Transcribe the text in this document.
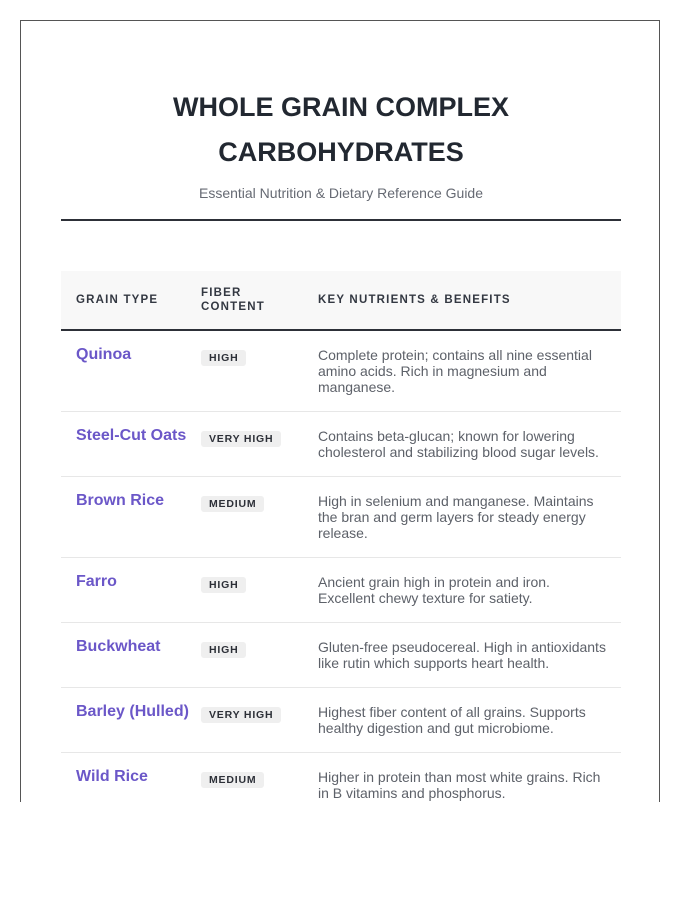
WHOLE GRAIN COMPLEX
CARBOHYDRATES

Essential Nutrition & Dietary Reference Guide

GRAIN TYPE	FIBER CONTENT	KEY NUTRIENTS & BENEFITS

Quinoa	HIGH	Complete protein; contains all nine essential amino acids. Rich in magnesium and manganese.

Steel-Cut Oats	VERY HIGH	Contains beta-glucan; known for lowering cholesterol and stabilizing blood sugar levels.

Brown Rice	MEDIUM	High in selenium and manganese. Maintains the bran and germ layers for steady energy release.

Farro	HIGH	Ancient grain high in protein and iron. Excellent chewy texture for satiety.

Buckwheat	HIGH	Gluten-free pseudocereal. High in antioxidants like rutin which supports heart health.

Barley (Hulled)	VERY HIGH	Highest fiber content of all grains. Supports healthy digestion and gut microbiome.

Wild Rice	MEDIUM	Higher in protein than most white grains. Rich in B vitamins and phosphorus.
